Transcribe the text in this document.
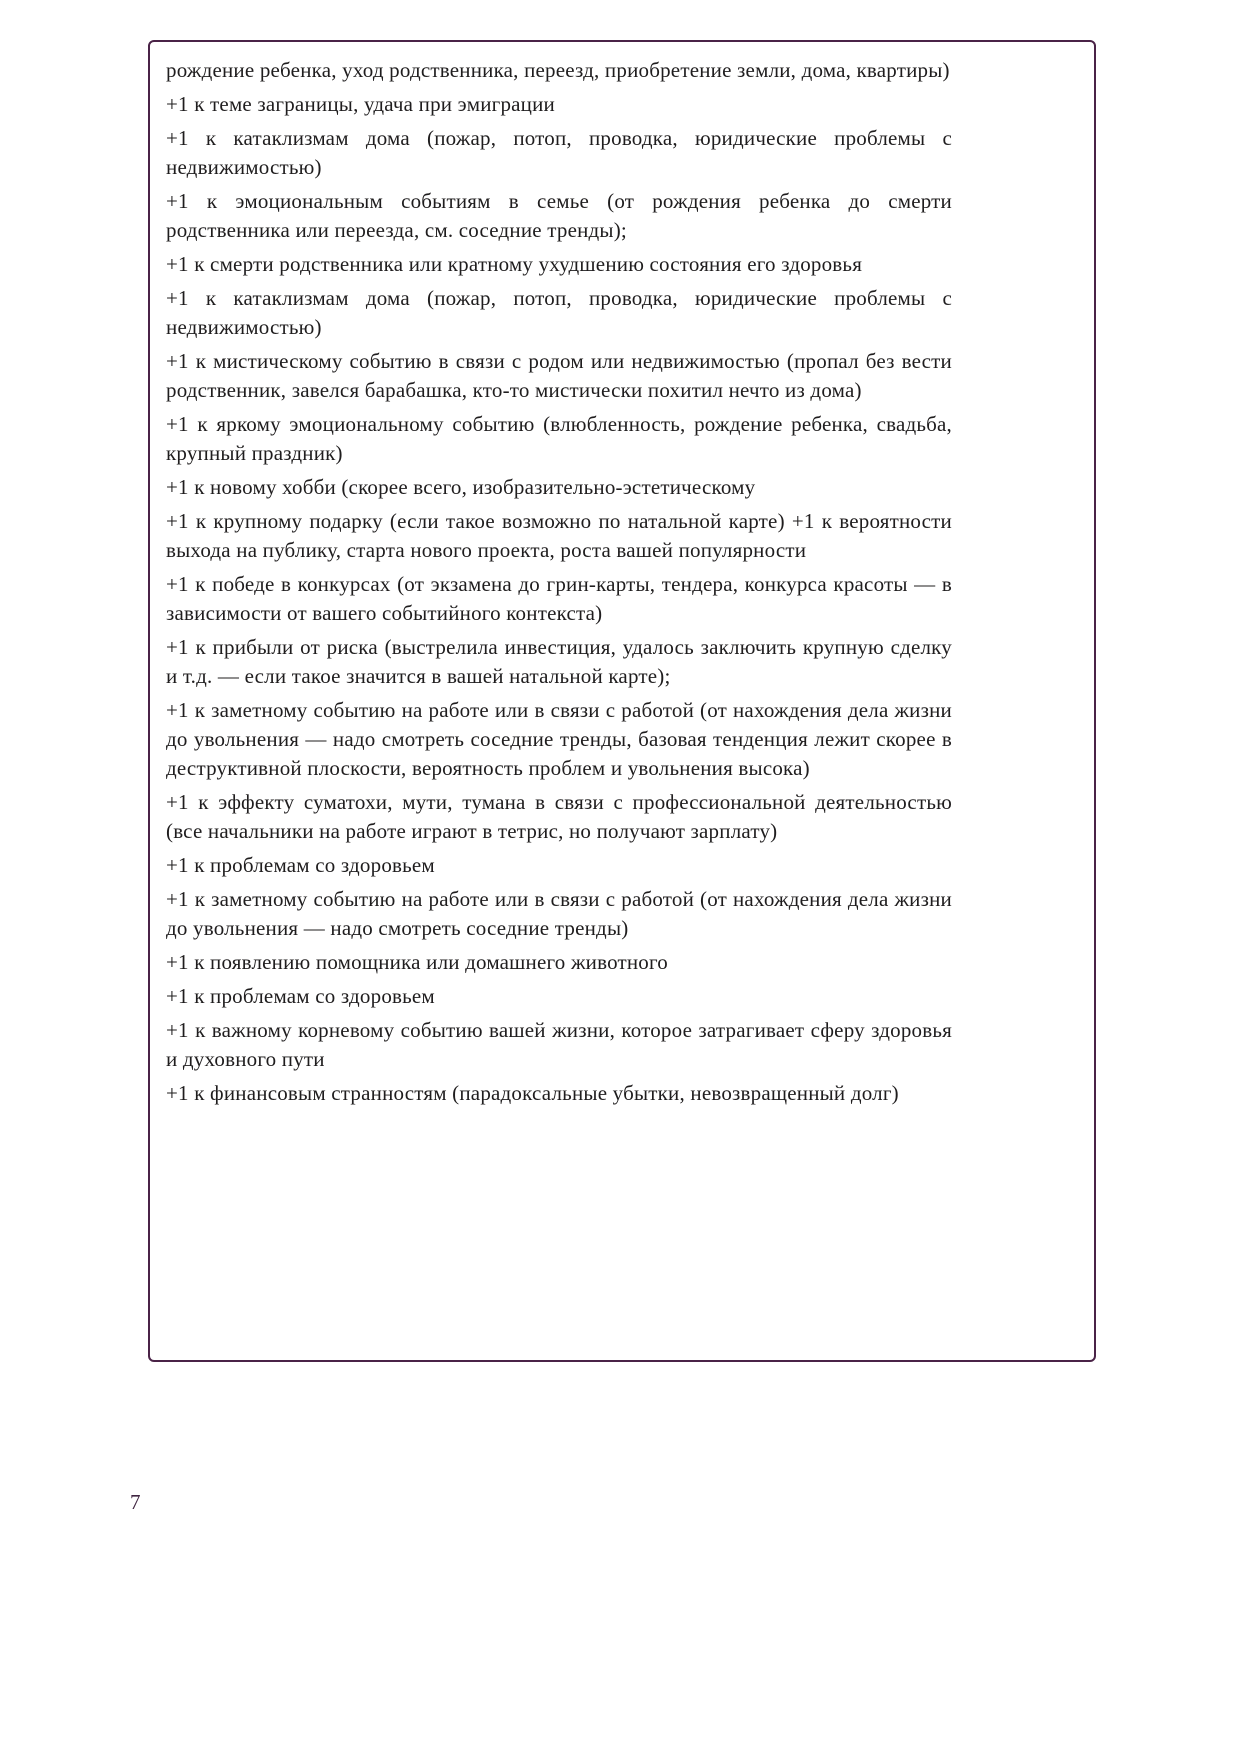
рождение ребенка, уход родственника, переезд, приобретение земли, дома, квартиры)

+1 к теме заграницы, удача при эмиграции

+1 к катаклизмам дома (пожар, потоп, проводка, юридические проблемы с недвижимостью)

+1 к эмоциональным событиям в семье (от рождения ребенка до смерти родственника или переезда, см. соседние тренды);

+1 к смерти родственника или кратному ухудшению состояния его здоровья

+1 к катаклизмам дома (пожар, потоп, проводка, юридические проблемы с недвижимостью)

+1 к мистическому событию в связи с родом или недвижимостью (пропал без вести родственник, завелся барабашка, кто-то мистически похитил нечто из дома)

+1 к яркому эмоциональному событию (влюбленность, рождение ребенка, свадьба, крупный праздник)

+1 к новому хобби (скорее всего, изобразительно-эстетическому

+1 к крупному подарку (если такое возможно по натальной карте) +1 к вероятности выхода на публику, старта нового проекта, роста вашей популярности

+1 к победе в конкурсах (от экзамена до грин-карты, тендера, конкурса красоты — в зависимости от вашего событийного контекста)

+1 к прибыли от риска (выстрелила инвестиция, удалось заключить крупную сделку и т.д. — если такое значится в вашей натальной карте);

+1 к заметному событию на работе или в связи с работой (от нахождения дела жизни до увольнения — надо смотреть соседние тренды, базовая тенденция лежит скорее в деструктивной плоскости, вероятность проблем и увольнения высока)

+1 к эффекту суматохи, мути, тумана в связи с профессиональной деятельностью (все начальники на работе играют в тетрис, но получают зарплату)

+1 к проблемам со здоровьем

+1 к заметному событию на работе или в связи с работой (от нахождения дела жизни до увольнения — надо смотреть соседние тренды)

+1 к появлению помощника или домашнего животного

+1 к проблемам со здоровьем

+1 к важному корневому событию вашей жизни, которое затрагивает сферу здоровья и духовного пути

+1 к финансовым странностям (парадоксальные убытки, невозвращенный долг)

7
